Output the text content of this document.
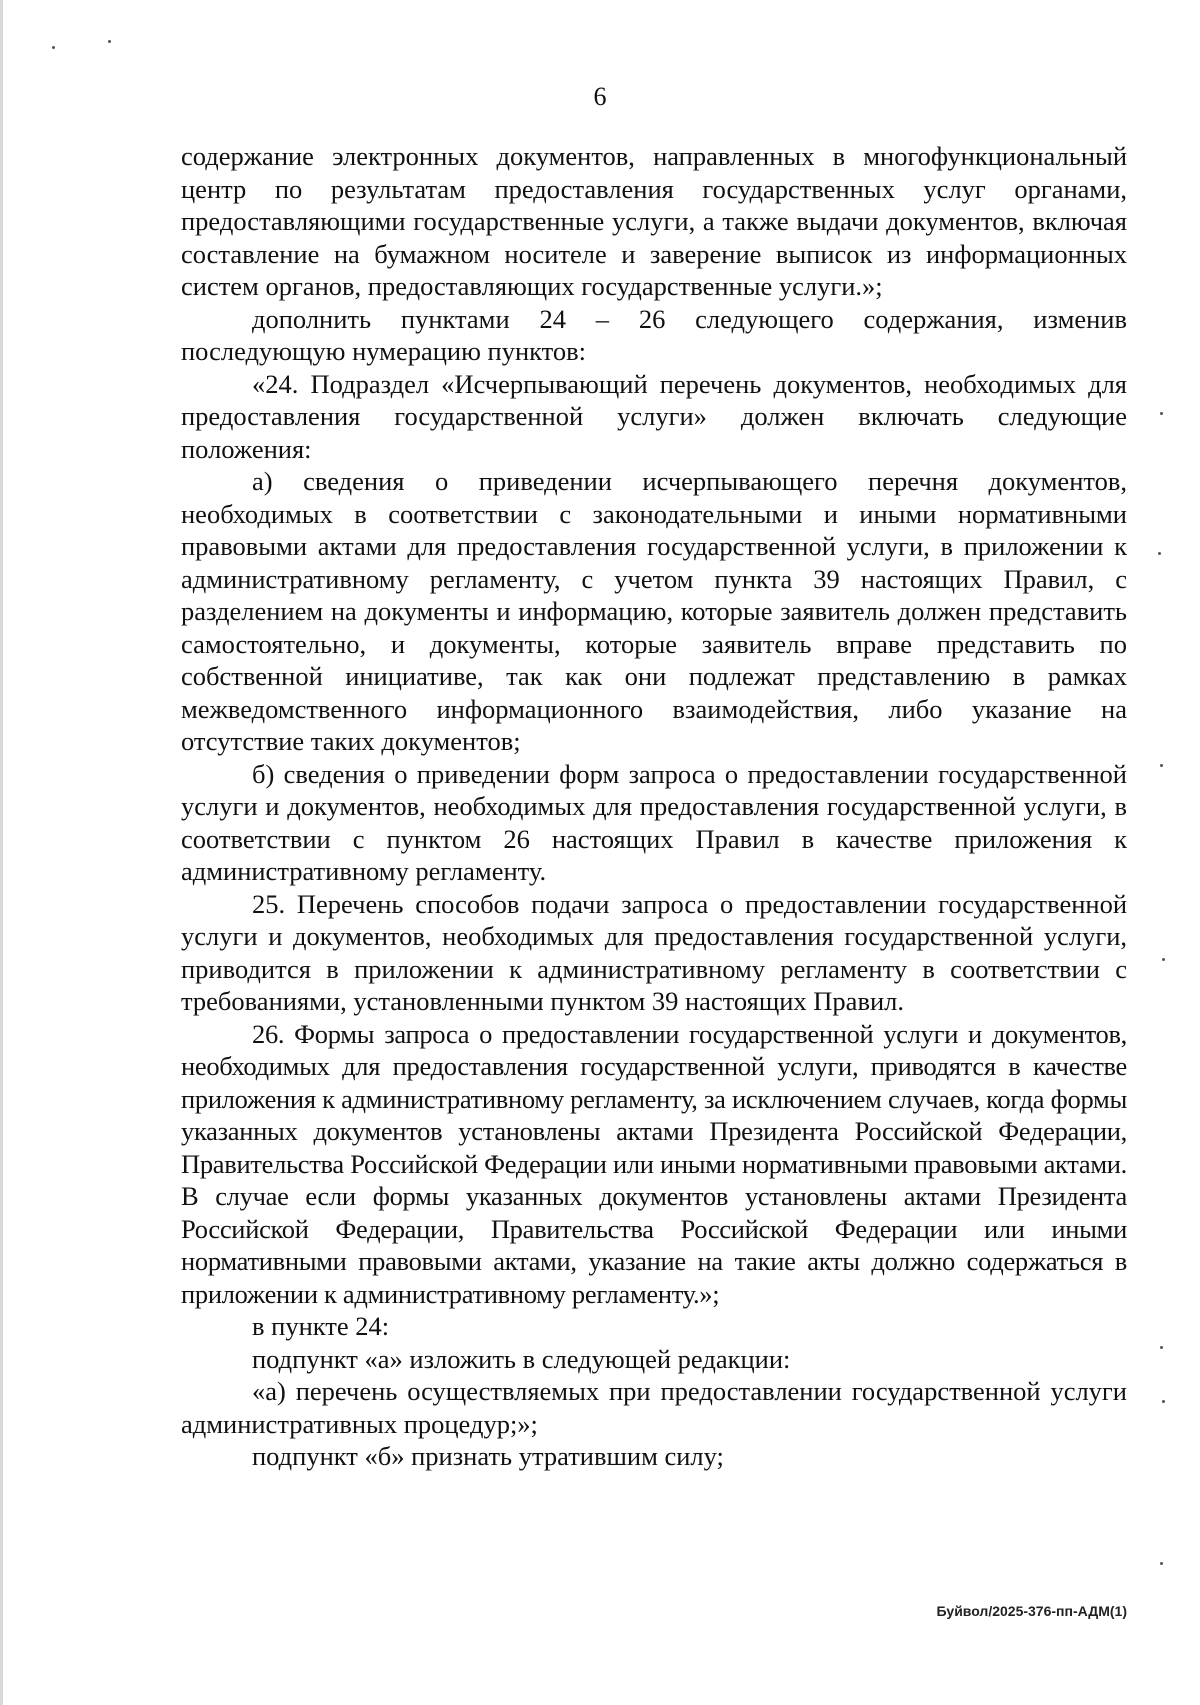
6

содержание электронных документов, направленных в многофункциональный центр по результатам предоставления государственных услуг органами, предоставляющими государственные услуги, а также выдачи документов, включая составление на бумажном носителе и заверение выписок из информационных систем органов, предоставляющих государственные услуги.»;

дополнить пунктами 24 – 26 следующего содержания, изменив последующую нумерацию пунктов:

«24. Подраздел «Исчерпывающий перечень документов, необходимых для предоставления государственной услуги» должен включать следующие положения:

а) сведения о приведении исчерпывающего перечня документов, необходимых в соответствии с законодательными и иными нормативными правовыми актами для предоставления государственной услуги, в приложении к административному регламенту, с учетом пункта 39 настоящих Правил, с разделением на документы и информацию, которые заявитель должен представить самостоятельно, и документы, которые заявитель вправе представить по собственной инициативе, так как они подлежат представлению в рамках межведомственного информационного взаимодействия, либо указание на отсутствие таких документов;

б) сведения о приведении форм запроса о предоставлении государственной услуги и документов, необходимых для предоставления государственной услуги, в соответствии с пунктом 26 настоящих Правил в качестве приложения к административному регламенту.

25. Перечень способов подачи запроса о предоставлении государственной услуги и документов, необходимых для предоставления государственной услуги, приводится в приложении к административному регламенту в соответствии с требованиями, установленными пунктом 39 настоящих Правил.

26. Формы запроса о предоставлении государственной услуги и документов, необходимых для предоставления государственной услуги, приводятся в качестве приложения к административному регламенту, за исключением случаев, когда формы указанных документов установлены актами Президента Российской Федерации, Правительства Российской Федерации или иными нормативными правовыми актами. В случае если формы указанных документов установлены актами Президента Российской Федерации, Правительства Российской Федерации или иными нормативными правовыми актами, указание на такие акты должно содержаться в приложении к административному регламенту.»;

в пункте 24:

подпункт «а» изложить в следующей редакции:

«а) перечень осуществляемых при предоставлении государственной услуги административных процедур;»;

подпункт «б» признать утратившим силу;

Буйвол/2025-376-пп-АДМ(1)
